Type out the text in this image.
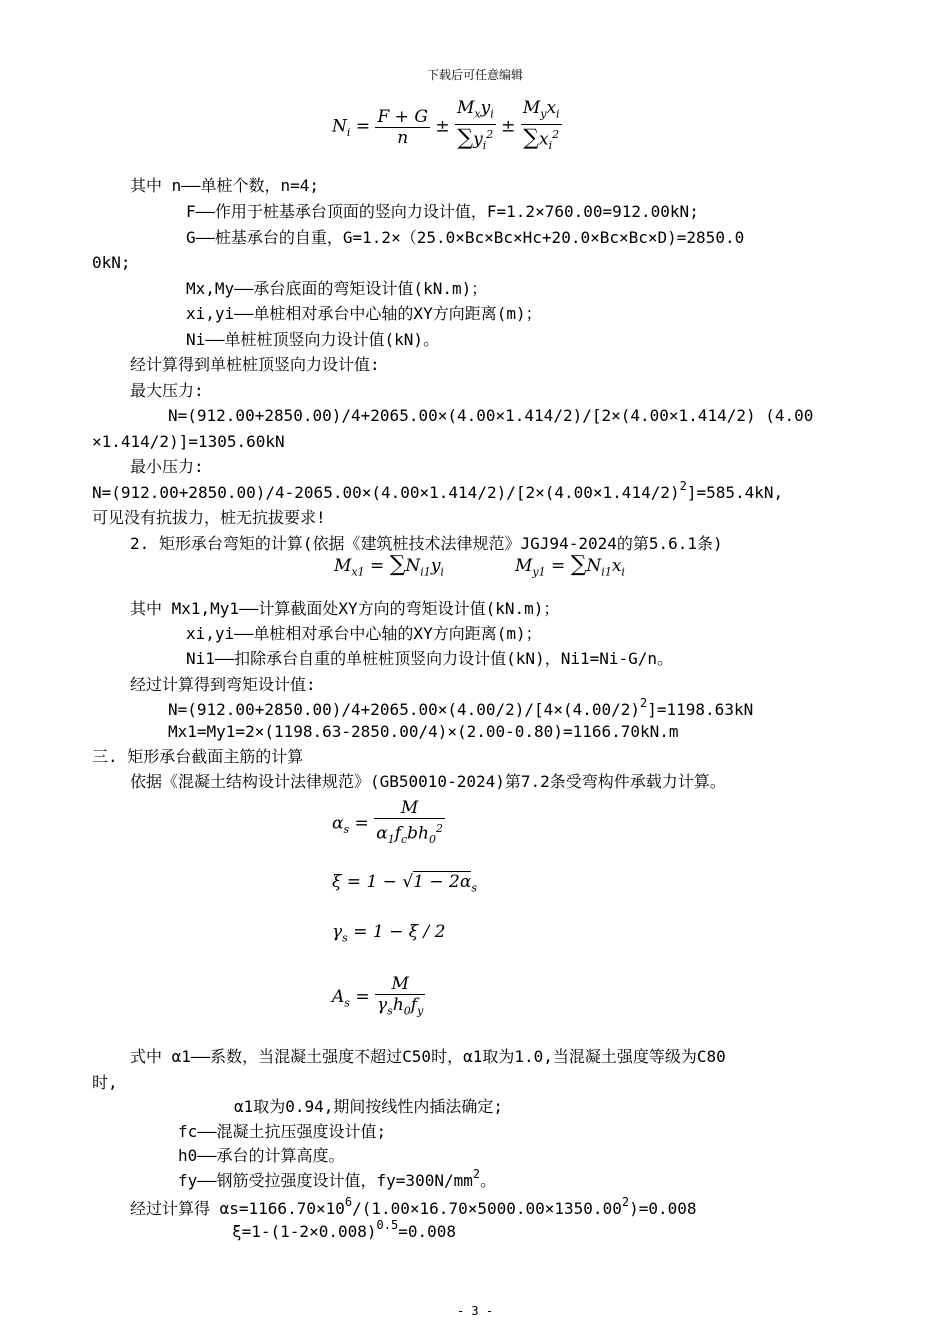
下载后可任意编辑
$N_i = \frac{F + G}{n} \pm \frac{M_xy_i}{\sum y_i^2} \pm \frac{M_yx_i}{\sum x_i^2}$
其中 n——单桩个数，n=4;
F——作用于桩基承台顶面的竖向力设计值，F=1.2×760.00=912.00kN;
G——桩基承台的自重，G=1.2×（25.0×Bc×Bc×Hc+20.0×Bc×Bc×D)=2850.0
0kN;
Mx,My——承台底面的弯矩设计值(kN.m)；
xi,yi——单桩相对承台中心轴的XY方向距离(m)；
Ni——单桩桩顶竖向力设计值(kN)。
经计算得到单桩桩顶竖向力设计值:
最大压力:
N=(912.00+2850.00)/4+2065.00×(4.00×1.414/2)/[2×(4.00×1.414/2) (4.00
×1.414/2)]=1305.60kN
最小压力:
$N=(912.00+2850.00)/4-2065.00\times(4.00\times 1.414/2)/[2\times(4.00\times 1.414/2)^2]=585.4kN$,
可见没有抗拔力，桩无抗拔要求!
2. 矩形承台弯矩的计算(依据《建筑桩技术法律规范》JGJ94-2024的第5.6.1条)
$M_{x1} = \sum N_{i1}y_i$	$M_{y1} = \sum N_{i1}x_i$
其中 Mx1,My1——计算截面处XY方向的弯矩设计值(kN.m)；
xi,yi——单桩相对承台中心轴的XY方向距离(m)；
Ni1——扣除承台自重的单桩桩顶竖向力设计值(kN)，Ni1=Ni-G/n。
经过计算得到弯矩设计值:
$N=(912.00+2850.00)/4+2065.00\times(4.00/2)/[4\times(4.00/2)^2]=1198.63kN$
Mx1=My1=2×(1198.63-2850.00/4)×(2.00-0.80)=1166.70kN.m
三. 矩形承台截面主筋的计算
依据《混凝土结构设计法律规范》(GB50010-2024)第7.2条受弯构件承载力计算。
$\alpha_s = \frac{M}{\alpha_1f_cbh_0^2}$
$\xi = 1 - √1 - 2\alpha_s$
$\gamma_s = 1 - \xi / 2$
$A_s = \frac{M}{\gamma_sh_0f_y}$
式中 α1——系数，当混凝土强度不超过C50时，α1取为1.0,当混凝土强度等级为C80
时,
α1取为0.94,期间按线性内插法确定;
fc——混凝土抗压强度设计值;
h0——承台的计算高度。
fy——钢筋受拉强度设计值，$fy=300N/mm^2$。
经过计算得 $\alpha s=1166.70\times 10^6/(1.00\times 16.70\times 5000.00\times 1350.00^2)=0.008$
$\xi=1-(1-2\times 0.008)^{0.5}=0.008$
- 3 -
